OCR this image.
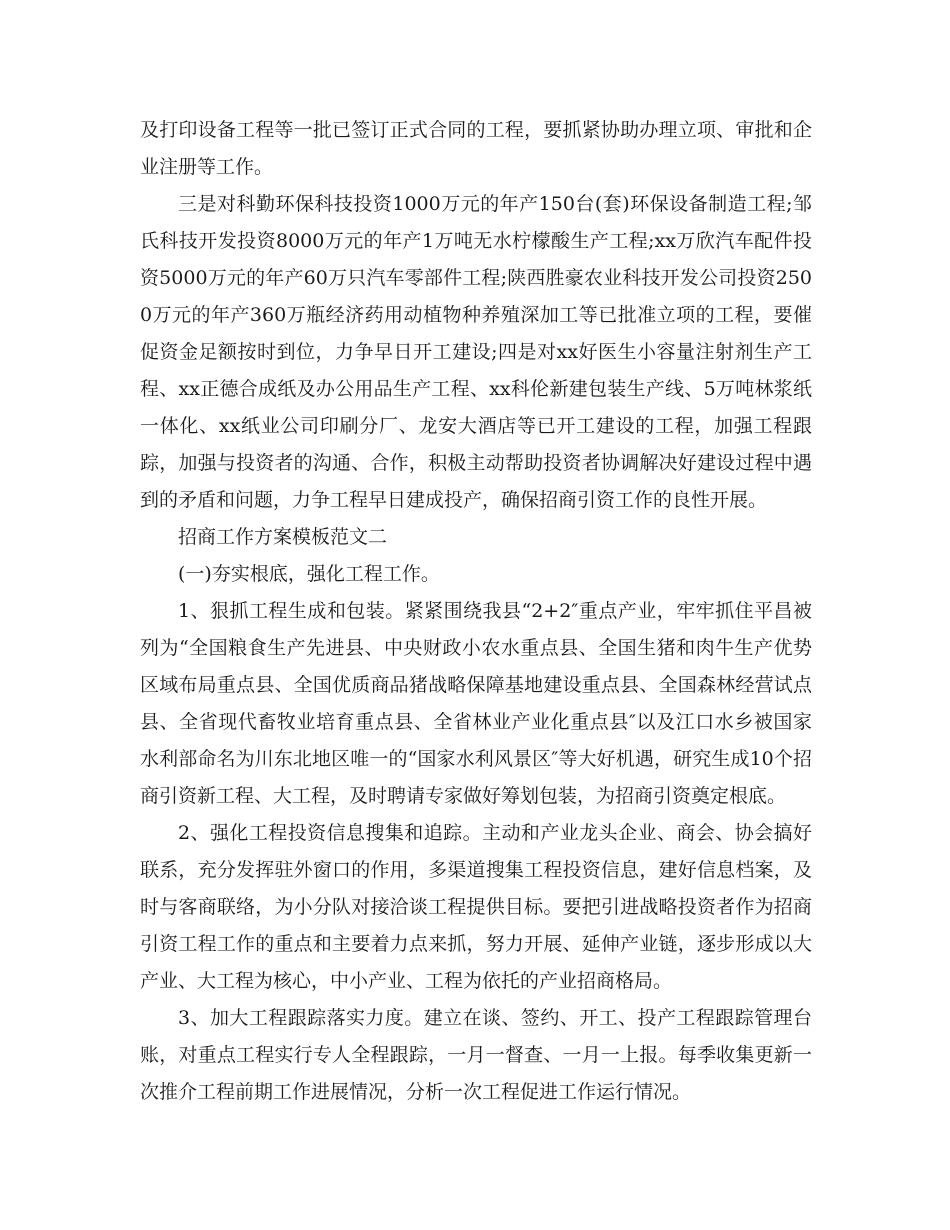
及打印设备工程等一批已签订正式合同的工程，要抓紧协助办理立项、审批和企业注册等工作。

三是对科勤环保科技投资1000万元的年产150台(套)环保设备制造工程;邹氏科技开发投资8000万元的年产1万吨无水柠檬酸生产工程;xx万欣汽车配件投资5000万元的年产60万只汽车零部件工程;陕西胜豪农业科技开发公司投资2500万元的年产360万瓶经济药用动植物种养殖深加工等已批准立项的工程，要催促资金足额按时到位，力争早日开工建设;四是对xx好医生小容量注射剂生产工程、xx正德合成纸及办公用品生产工程、xx科伦新建包装生产线、5万吨林浆纸一体化、xx纸业公司印刷分厂、龙安大酒店等已开工建设的工程，加强工程跟踪，加强与投资者的沟通、合作，积极主动帮助投资者协调解决好建设过程中遇到的矛盾和问题，力争工程早日建成投产，确保招商引资工作的良性开展。

招商工作方案模板范文二

(一)夯实根底，强化工程工作。

1、狠抓工程生成和包装。紧紧围绕我县“2+2″重点产业，牢牢抓住平昌被列为“全国粮食生产先进县、中央财政小农水重点县、全国生猪和肉牛生产优势区域布局重点县、全国优质商品猪战略保障基地建设重点县、全国森林经营试点县、全省现代畜牧业培育重点县、全省林业产业化重点县″以及江口水乡被国家水利部命名为川东北地区唯一的“国家水利风景区″等大好机遇，研究生成10个招商引资新工程、大工程，及时聘请专家做好筹划包装，为招商引资奠定根底。

2、强化工程投资信息搜集和追踪。主动和产业龙头企业、商会、协会搞好联系，充分发挥驻外窗口的作用，多渠道搜集工程投资信息，建好信息档案，及时与客商联络，为小分队对接洽谈工程提供目标。要把引进战略投资者作为招商引资工程工作的重点和主要着力点来抓，努力开展、延伸产业链，逐步形成以大产业、大工程为核心，中小产业、工程为依托的产业招商格局。

3、加大工程跟踪落实力度。建立在谈、签约、开工、投产工程跟踪管理台账，对重点工程实行专人全程跟踪，一月一督查、一月一上报。每季收集更新一次推介工程前期工作进展情况，分析一次工程促进工作运行情况。
